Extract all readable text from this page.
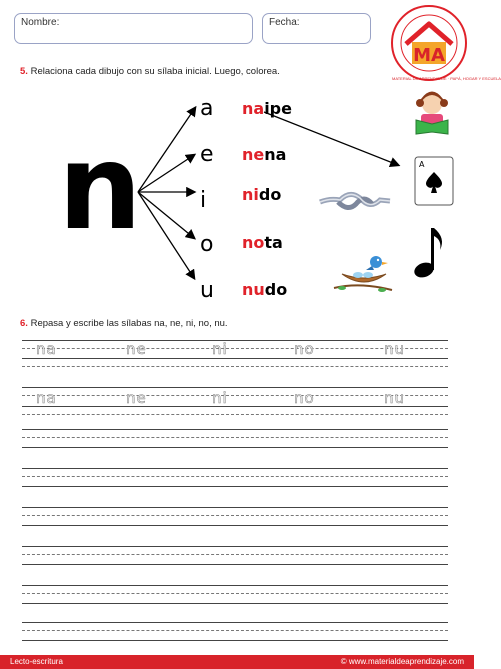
Nombre:	Fecha:
MA
MATERIAL DE APRENDIZAJE · PAPÁ, HOGAR Y ESCUELA
5. Relaciona cada dibujo con su sílaba inicial. Luego, colorea.
n
a
e
i
o
u
naipe
nena
nido
nota
nudo
A
6. Repasa y escribe las sílabas na, ne, ni, no, nu.
na	ne	ni	no	nu
na	ne	ni	no	nu
Lecto-escritura	© www.materialdeaprendizaje.com
